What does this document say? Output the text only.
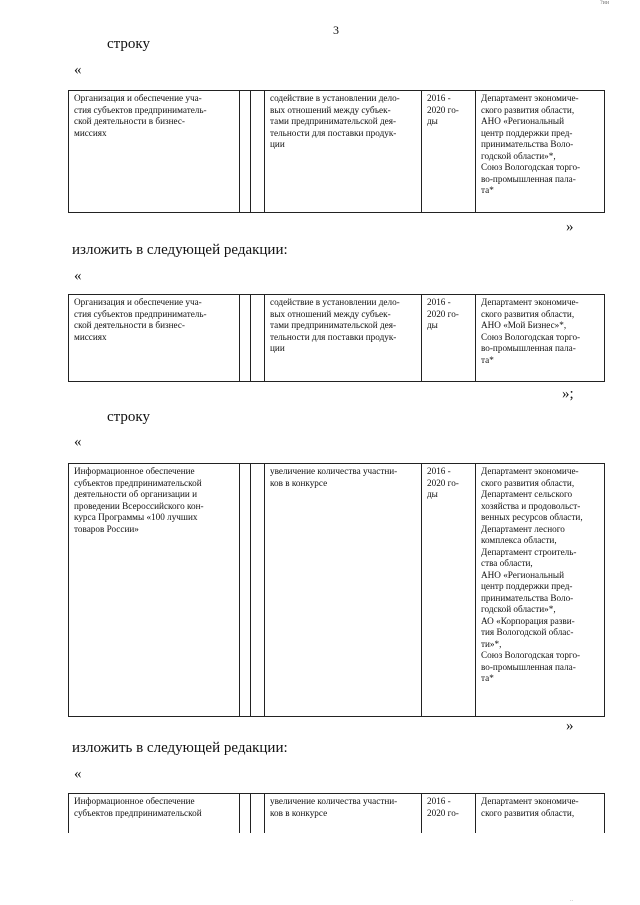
3
?ии
строку
«
Организация и обеспечение уча-
стия субъектов предприниматель-
ской деятельности в бизнес-
миссиях			содействие в установлении дело-
вых отношений между субъек-
тами предпринимательской дея-
тельности для поставки продук-
ции	2016 -
2020 го-
ды	Департамент экономиче-
ского развития области,
АНО «Региональный
центр поддержки пред-
принимательства Воло-
годской области»*,
Союз Вологодская торго-
во-промышленная пала-
та*
»
изложить в следующей редакции:
«
Организация и обеспечение уча-
стия субъектов предприниматель-
ской деятельности в бизнес-
миссиях			содействие в установлении дело-
вых отношений между субъек-
тами предпринимательской дея-
тельности для поставки продук-
ции	2016 -
2020 го-
ды	Департамент экономиче-
ского развития области,
АНО «Мой Бизнес»*,
Союз Вологодская торго-
во-промышленная пала-
та*
»;
строку
«
Информационное обеспечение
субъектов предпринимательской
деятельности об организации и
проведении Всероссийского кон-
курса Программы «100 лучших
товаров России»			увеличение количества участни-
ков в конкурсе	2016 -
2020 го-
ды	Департамент экономиче-
ского развития области,
Департамент сельского
хозяйства и продовольст-
венных ресурсов области,
Департамент лесного
комплекса области,
Департамент строитель-
ства области,
АНО «Региональный
центр поддержки пред-
принимательства Воло-
годской области»*,
АО «Корпорация разви-
тия Вологодской облас-
ти»*,
Союз Вологодская торго-
во-промышленная пала-
та*
»
изложить в следующей редакции:
«
Информационное обеспечение
субъектов предпринимательской			увеличение количества участни-
ков в конкурсе	2016 -
2020 го-	Департамент экономиче-
ского развития области,
..
